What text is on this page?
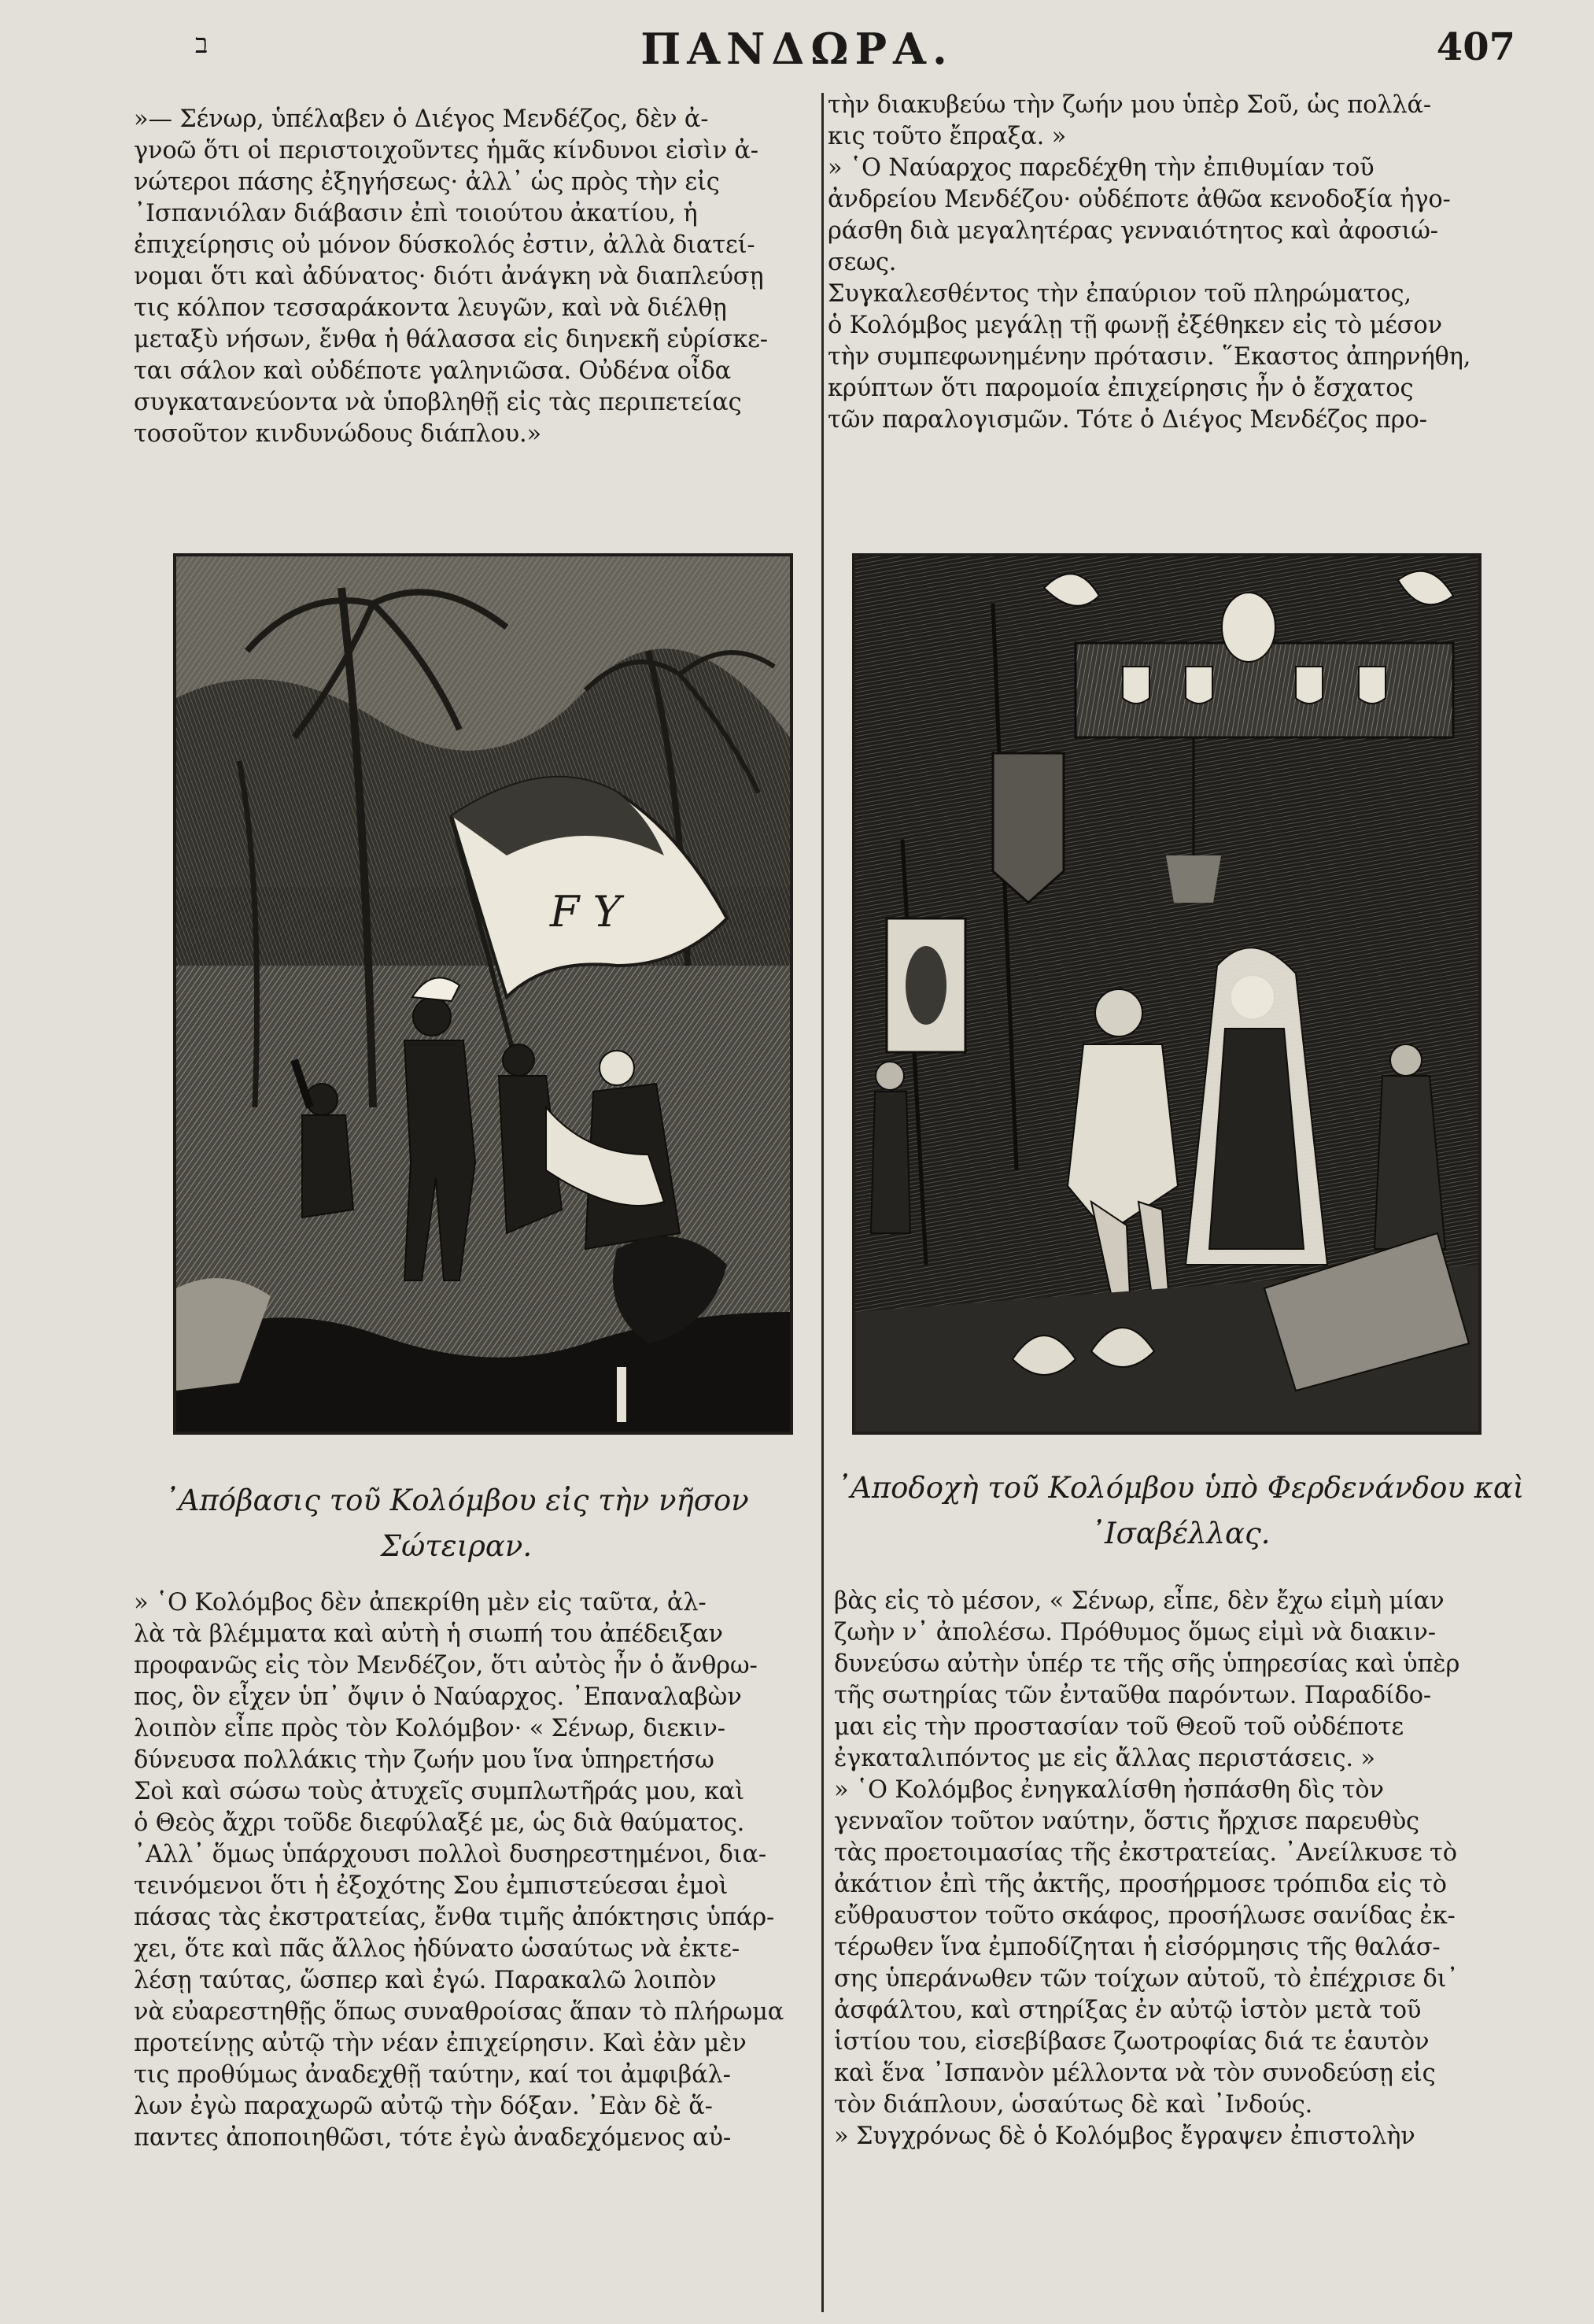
ב	ΠΑΝΔΩΡΑ.	407

»— Σένωρ, ὑπέλαβεν ὁ Διέγος Μενδέζος, δὲν ἀ-
γνοῶ ὅτι οἱ περιστοιχοῦντες ἡμᾶς κίνδυνοι εἰσὶν ἀ-
νώτεροι πάσης ἐξηγήσεως· ἀλλ᾿ ὡς πρὸς τὴν εἰς
᾿Ισπανιόλαν διάβασιν ἐπὶ τοιούτου ἀκατίου, ἡ
ἐπιχείρησις οὐ μόνον δύσκολός ἐστιν, ἀλλὰ διατεί-
νομαι ὅτι καὶ ἀδύνατος· διότι ἀνάγκη νὰ διαπλεύσῃ
τις κόλπον τεσσαράκοντα λευγῶν, καὶ νὰ διέλθῃ
μεταξὺ νήσων, ἔνθα ἡ θάλασσα εἰς διηνεκῆ εὑρίσκε-
ται σάλον καὶ οὐδέποτε γαληνιῶσα. Οὐδένα οἶδα
συγκατανεύοντα νὰ ὑποβληθῇ εἰς τὰς περιπετείας
τοσοῦτον κινδυνώδους διάπλου.»

τὴν διακυβεύω τὴν ζωήν μου ὑπὲρ Σοῦ, ὡς πολλά-
κις τοῦτο ἔπραξα. »
» ῾Ο Ναύαρχος παρεδέχθη τὴν ἐπιθυμίαν τοῦ
ἀνδρείου Μενδέζου· οὐδέποτε ἀθῶα κενοδοξία ἠγο-
ράσθη διὰ μεγαλητέρας γενναιότητος καὶ ἀφοσιώ-
σεως.
Συγκαλεσθέντος τὴν ἐπαύριον τοῦ πληρώματος,
ὁ Κολόμβος μεγάλῃ τῇ φωνῇ ἐξέθηκεν εἰς τὸ μέσον
τὴν συμπεφωνημένην πρότασιν. ῞Εκαστος ἀπηρνήθη,
κρύπτων ὅτι παρομοία ἐπιχείρησις ἦν ὁ ἔσχατος
τῶν παραλογισμῶν. Τότε ὁ Διέγος Μενδέζος προ-

F Y

᾿Απόβασις τοῦ Κολόμβου εἰς τὴν νῆσον

Σώτειραν.

᾿Αποδοχὴ τοῦ Κολόμβου ὑπὸ Φερδενάνδου καὶ

᾿Ισαβέλλας.

» ῾Ο Κολόμβος δὲν ἀπεκρίθη μὲν εἰς ταῦτα, ἀλ-
λὰ τὰ βλέμματα καὶ αὐτὴ ἡ σιωπή του ἀπέδειξαν
προφανῶς εἰς τὸν Μενδέζον, ὅτι αὐτὸς ἦν ὁ ἄνθρω-
πος, ὃν εἶχεν ὑπ᾿ ὄψιν ὁ Ναύαρχος. ᾿Επαναλαβὼν
λοιπὸν εἶπε πρὸς τὸν Κολόμβον· « Σένωρ, διεκιν-
δύνευσα πολλάκις τὴν ζωήν μου ἵνα ὑπηρετήσω
Σοὶ καὶ σώσω τοὺς ἀτυχεῖς συμπλωτῆράς μου, καὶ
ὁ Θεὸς ἄχρι τοῦδε διεφύλαξέ με, ὡς διὰ θαύματος.
᾿Αλλ᾿ ὅμως ὑπάρχουσι πολλοὶ δυσηρεστημένοι, δια-
τεινόμενοι ὅτι ἡ ἐξοχότης Σου ἐμπιστεύεσαι ἐμοὶ
πάσας τὰς ἐκστρατείας, ἔνθα τιμῆς ἀπόκτησις ὑπάρ-
χει, ὅτε καὶ πᾶς ἄλλος ἠδύνατο ὡσαύτως νὰ ἐκτε-
λέσῃ ταύτας, ὥσπερ καὶ ἐγώ. Παρακαλῶ λοιπὸν
νὰ εὐαρεστηθῇς ὅπως συναθροίσας ἅπαν τὸ πλήρωμα
προτείνῃς αὐτῷ τὴν νέαν ἐπιχείρησιν. Καὶ ἐὰν μὲν
τις προθύμως ἀναδεχθῇ ταύτην, καί τοι ἀμφιβάλ-
λων ἐγὼ παραχωρῶ αὐτῷ τὴν δόξαν. ᾿Εὰν δὲ ἅ-
παντες ἀποποιηθῶσι, τότε ἐγὼ ἀναδεχόμενος αὐ-

βὰς εἰς τὸ μέσον, « Σένωρ, εἶπε, δὲν ἔχω εἰμὴ μίαν
ζωὴν ν᾿ ἀπολέσω. Πρόθυμος ὅμως εἰμὶ νὰ διακιν-
δυνεύσω αὐτὴν ὑπέρ τε τῆς σῆς ὑπηρεσίας καὶ ὑπὲρ
τῆς σωτηρίας τῶν ἐνταῦθα παρόντων. Παραδίδο-
μαι εἰς τὴν προστασίαν τοῦ Θεοῦ τοῦ οὐδέποτε
ἐγκαταλιπόντος με εἰς ἄλλας περιστάσεις. »
» ῾Ο Κολόμβος ἐνηγκαλίσθη ἠσπάσθη δὶς τὸν
γενναῖον τοῦτον ναύτην, ὅστις ἤρχισε παρευθὺς
τὰς προετοιμασίας τῆς ἐκστρατείας. ᾿Ανείλκυσε τὸ
ἀκάτιον ἐπὶ τῆς ἀκτῆς, προσήρμοσε τρόπιδα εἰς τὸ
εὔθραυστον τοῦτο σκάφος, προσήλωσε σανίδας ἐκ-
τέρωθεν ἵνα ἐμποδίζηται ἡ εἰσόρμησις τῆς θαλάσ-
σης ὑπεράνωθεν τῶν τοίχων αὐτοῦ, τὸ ἐπέχρισε δι᾿
ἀσφάλτου, καὶ στηρίξας ἐν αὐτῷ ἱστὸν μετὰ τοῦ
ἱστίου του, εἰσεβίβασε ζωοτροφίας διά τε ἑαυτὸν
καὶ ἕνα ᾿Ισπανὸν μέλλοντα νὰ τὸν συνοδεύσῃ εἰς
τὸν διάπλουν, ὡσαύτως δὲ καὶ ᾿Ινδούς.
» Συγχρόνως δὲ ὁ Κολόμβος ἔγραψεν ἐπιστολὴν
